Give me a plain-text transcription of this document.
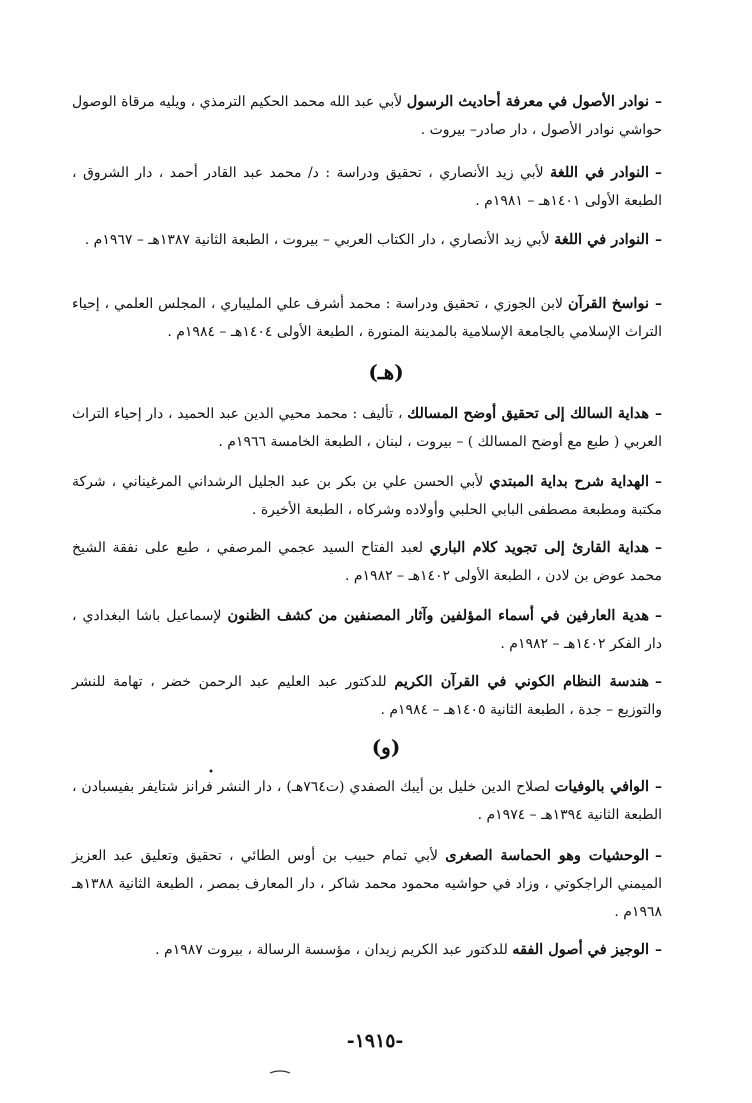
–نوادر الأصول في معرفة أحاديث الرسول لأبي عبد الله محمد الحكيم الترمذي ، ويليه مرقاة الوصول حواشي نوادر الأصول ، دار صادر– بيروت .

–النوادر في اللغة لأبي زيد الأنصاري ، تحقيق ودراسة : د/ محمد عبد القادر أحمد ، دار الشروق ، الطبعة الأولى ١٤٠١هـ – ١٩٨١م .

–النوادر في اللغة لأبي زيد الأنصاري ، دار الكتاب العربي – بيروت ، الطبعة الثانية ١٣٨٧هـ – ١٩٦٧م .

–نواسخ القرآن لابن الجوزي ، تحقيق ودراسة : محمد أشرف علي المليباري ، المجلس العلمي ، إحياء التراث الإسلامي بالجامعة الإسلامية بالمدينة المنورة ، الطبعة الأولى ١٤٠٤هـ – ١٩٨٤م .

(هـ)

–هداية السالك إلى تحقيق أوضح المسالك ، تأليف : محمد محيي الدين عبد الحميد ، دار إحياء التراث العربي ( طبع مع أوضح المسالك ) – بيروت ، لبنان ، الطبعة الخامسة ١٩٦٦م .

–الهداية شرح بداية المبتدي لأبي الحسن علي بن بكر بن عبد الجليل الرشداني المرغيناني ، شركة مكتبة ومطبعة مصطفى البابي الحلبي وأولاده وشركاه ، الطبعة الأخيرة .

–هداية القارئ إلى تجويد كلام الباري لعبد الفتاح السيد عجمي المرصفي ، طبع على نفقة الشيخ محمد عوض بن لادن ، الطبعة الأولى ١٤٠٢هـ – ١٩٨٢م .

–هدية العارفين في أسماء المؤلفين وآثار المصنفين من كشف الظنون لإسماعيل باشا البغدادي ، دار الفكر ١٤٠٢هـ – ١٩٨٢م .

–هندسة النظام الكوني في القرآن الكريم للدكتور عبد العليم عبد الرحمن خضر ، تهامة للنشر والتوزيع – جدة ، الطبعة الثانية ١٤٠٥هـ – ١٩٨٤م .

(و)

–الوافي بالوفيات لصلاح الدين خليل بن أيبك الصفدي (ت٧٦٤هـ) ، دار النشر فرانز شتايفر بفيسبادن ، الطبعة الثانية ١٣٩٤هـ – ١٩٧٤م .

–الوحشيات وهو الحماسة الصغرى لأبي تمام حبيب بن أوس الطائي ، تحقيق وتعليق عبد العزيز الميمني الراجكوتي ، وزاد في حواشيه محمود محمد شاكر ، دار المعارف بمصر ، الطبعة الثانية ١٣٨٨هـ ١٩٦٨م .

–الوجيز في أصول الفقه للدكتور عبد الكريم زيدان ، مؤسسة الرسالة ، بيروت ١٩٨٧م .

-١٩١٥-
